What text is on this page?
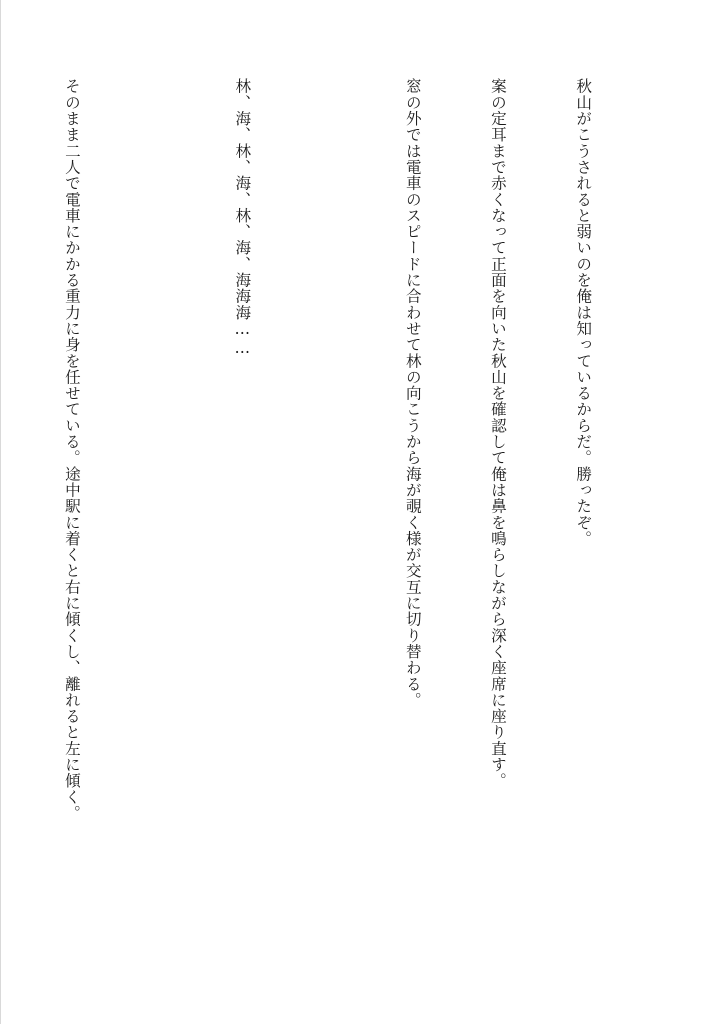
秋山がこうされると弱いのを俺は知っているからだ。勝ったぞ。

案の定耳まで赤くなって正面を向いた秋山を確認して俺は鼻を鳴らしながら深く座席に座り直す。

窓の外では電車のスピードに合わせて林の向こうから海が覗く様が交互に切り替わる。

林、海、林、海、林、海、海海海……

そのまま二人で電車にかかる重力に身を任せている。途中駅に着くと右に傾くし、離れると左に傾く。
